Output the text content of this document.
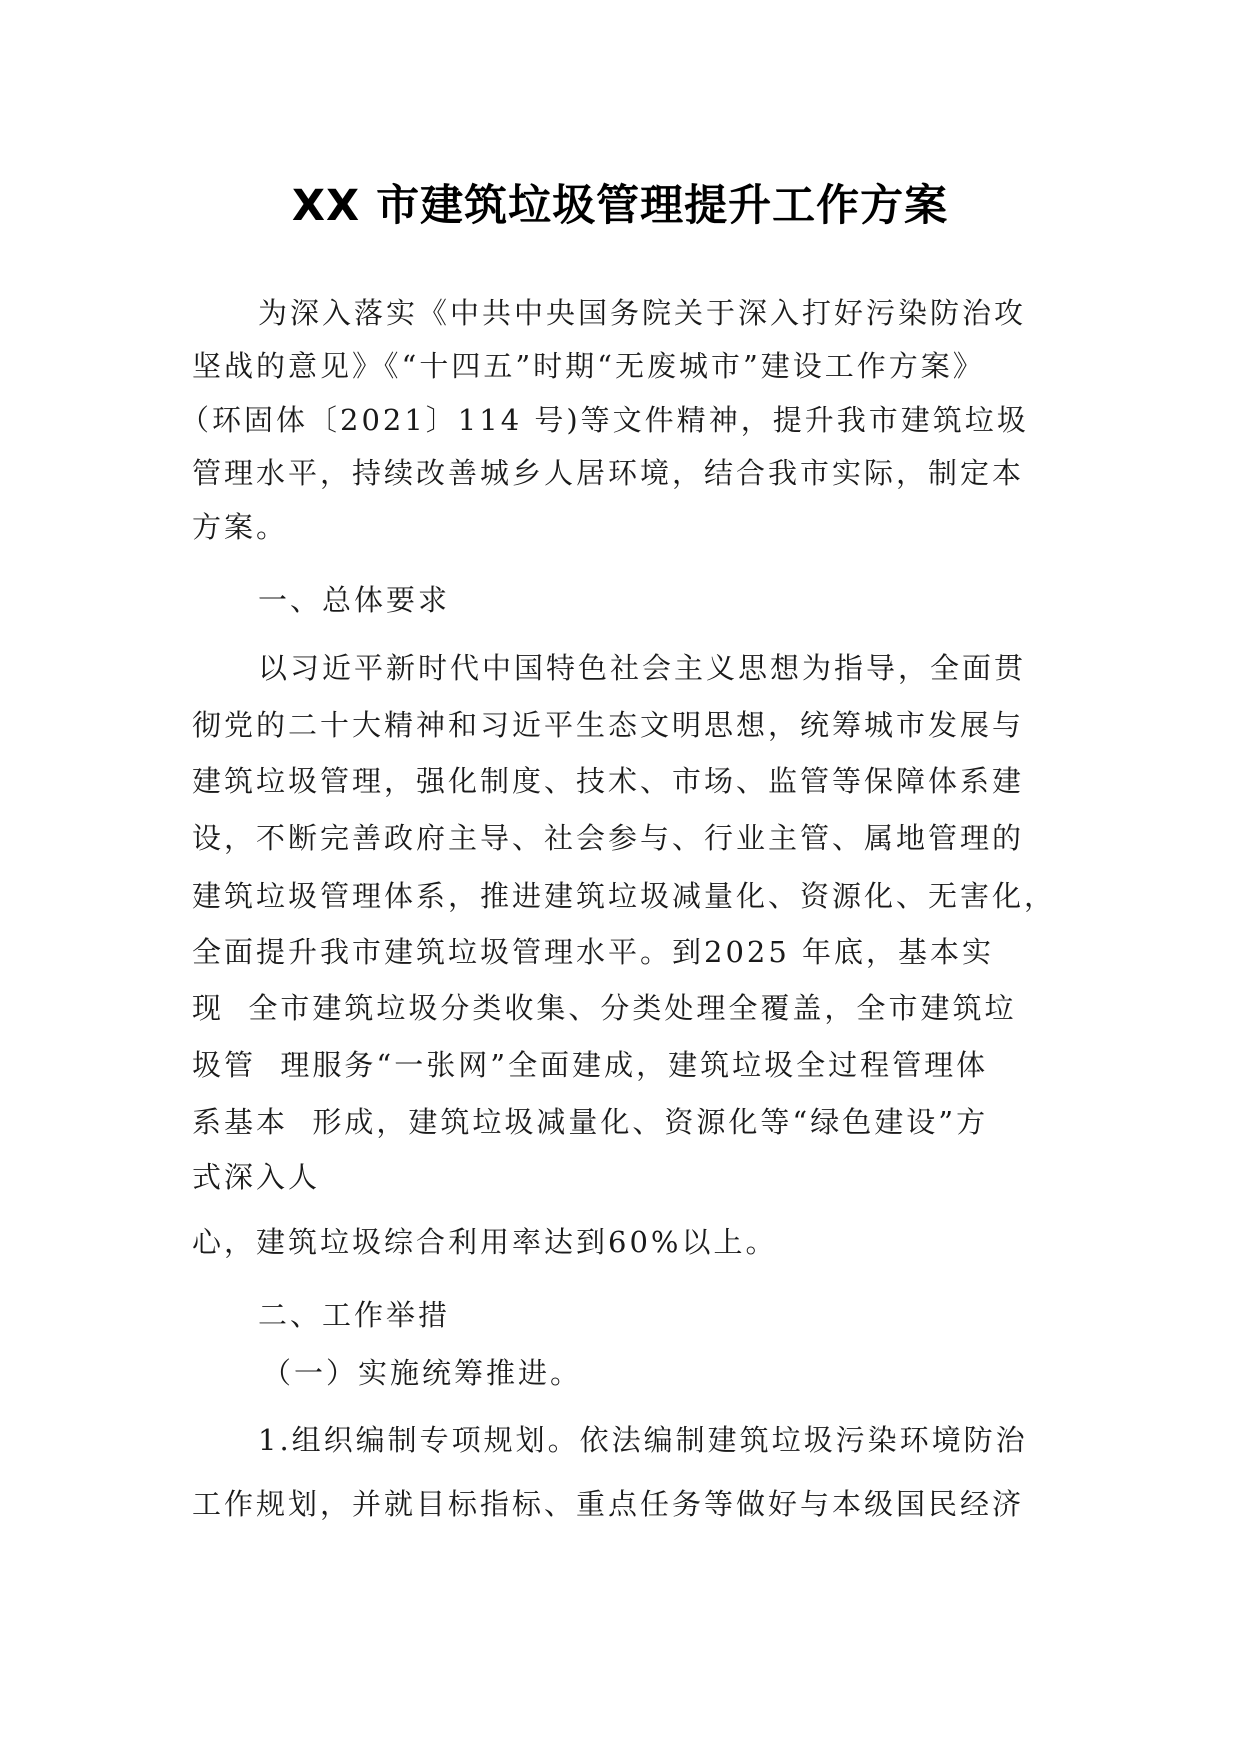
XX 市建筑垃圾管理提升工作方案

为深入落实《中共中央国务院关于深入打好污染防治攻

坚战的意见》《“十四五”时期“无废城市”建设工作方案》

（环固体〔2021〕114 号)等文件精神，提升我市建筑垃圾

管理水平，持续改善城乡人居环境，结合我市实际，制定本

方案。

一、总体要求

以习近平新时代中国特色社会主义思想为指导，全面贯

彻党的二十大精神和习近平生态文明思想，统筹城市发展与

建筑垃圾管理，强化制度、技术、市场、监管等保障体系建

设，不断完善政府主导、社会参与、行业主管、属地管理的

建筑垃圾管理体系，推进建筑垃圾减量化、资源化、无害化，

全面提升我市建筑垃圾管理水平。到2025 年底，基本实

现  全市建筑垃圾分类收集、分类处理全覆盖，全市建筑垃

圾管  理服务“一张网”全面建成，建筑垃圾全过程管理体

系基本  形成，建筑垃圾减量化、资源化等“绿色建设”方

式深入人

心，建筑垃圾综合利用率达到60%以上。

二、工作举措

（一）实施统筹推进。

1.组织编制专项规划。依法编制建筑垃圾污染环境防治

工作规划，并就目标指标、重点任务等做好与本级国民经济
